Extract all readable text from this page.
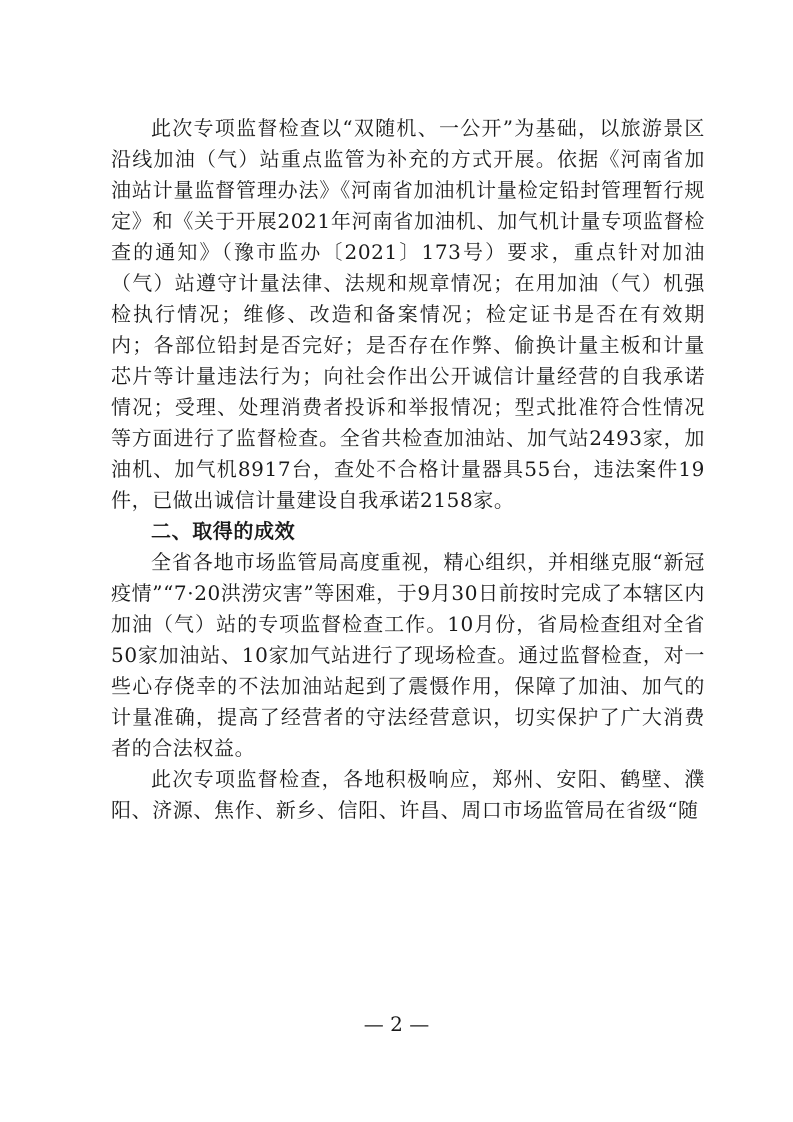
此次专项监督检查以“双随机、一公开”为基础，以旅游景区沿线加油（气）站重点监管为补充的方式开展。依据《河南省加油站计量监督管理办法》《河南省加油机计量检定铅封管理暂行规定》和《关于开展2021年河南省加油机、加气机计量专项监督检查的通知》（豫市监办〔2021〕173号）要求，重点针对加油（气）站遵守计量法律、法规和规章情况；在用加油（气）机强检执行情况；维修、改造和备案情况；检定证书是否在有效期内；各部位铅封是否完好；是否存在作弊、偷换计量主板和计量芯片等计量违法行为；向社会作出公开诚信计量经营的自我承诺情况；受理、处理消费者投诉和举报情况；型式批准符合性情况等方面进行了监督检查。全省共检查加油站、加气站2493家，加油机、加气机8917台，查处不合格计量器具55台，违法案件19件，已做出诚信计量建设自我承诺2158家。

二、取得的成效

全省各地市场监管局高度重视，精心组织，并相继克服“新冠疫情”“7·20洪涝灾害”等困难，于9月30日前按时完成了本辖区内加油（气）站的专项监督检查工作。10月份，省局检查组对全省50家加油站、10家加气站进行了现场检查。通过监督检查，对一些心存侥幸的不法加油站起到了震慑作用，保障了加油、加气的计量准确，提高了经营者的守法经营意识，切实保护了广大消费者的合法权益。

此次专项监督检查，各地积极响应，郑州、安阳、鹤壁、濮阳、济源、焦作、新乡、信阳、许昌、周口市场监管局在省级“随

— 2 —
